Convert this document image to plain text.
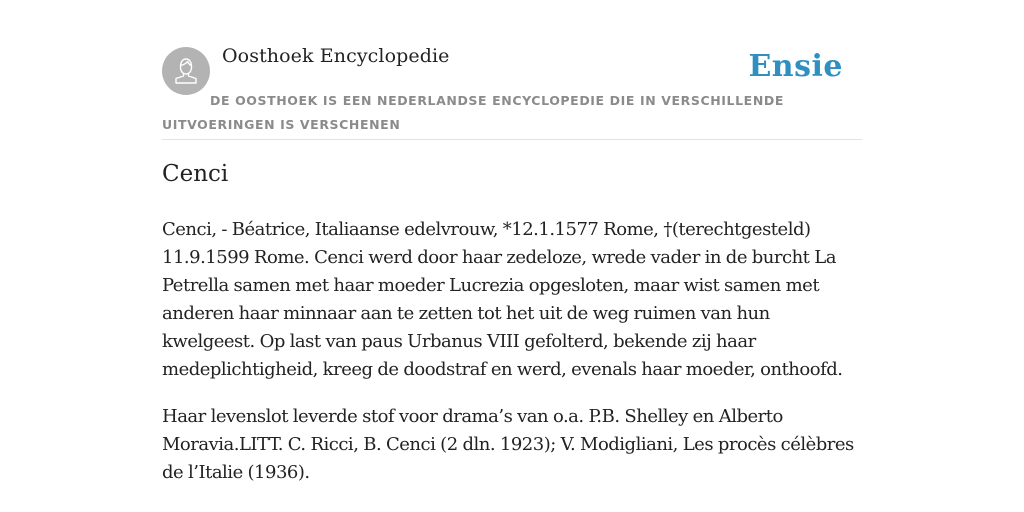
Oosthoek Encyclopedie	Ensie
DE OOSTHOEK IS EEN NEDERLANDSE ENCYCLOPEDIE DIE IN VERSCHILLENDE UITVOERINGEN IS VERSCHENEN
Cenci

Cenci, - Béatrice, Italiaanse edelvrouw, *12.1.1577 Rome, †(terechtgesteld) 11.9.1599 Rome. Cenci werd door haar zedeloze, wrede vader in de burcht La Petrella samen met haar moeder Lucrezia opgesloten, maar wist samen met anderen haar minnaar aan te zetten tot het uit de weg ruimen van hun kwelgeest. Op last van paus Urbanus VIII gefolterd, bekende zij haar medeplichtigheid, kreeg de doodstraf en werd, evenals haar moeder, onthoofd.

Haar levenslot leverde stof voor drama’s van o.a. P.B. Shelley en Alberto Moravia.LITT. C. Ricci, B. Cenci (2 dln. 1923); V. Modigliani, Les procès célèbres de l’Italie (1936).
